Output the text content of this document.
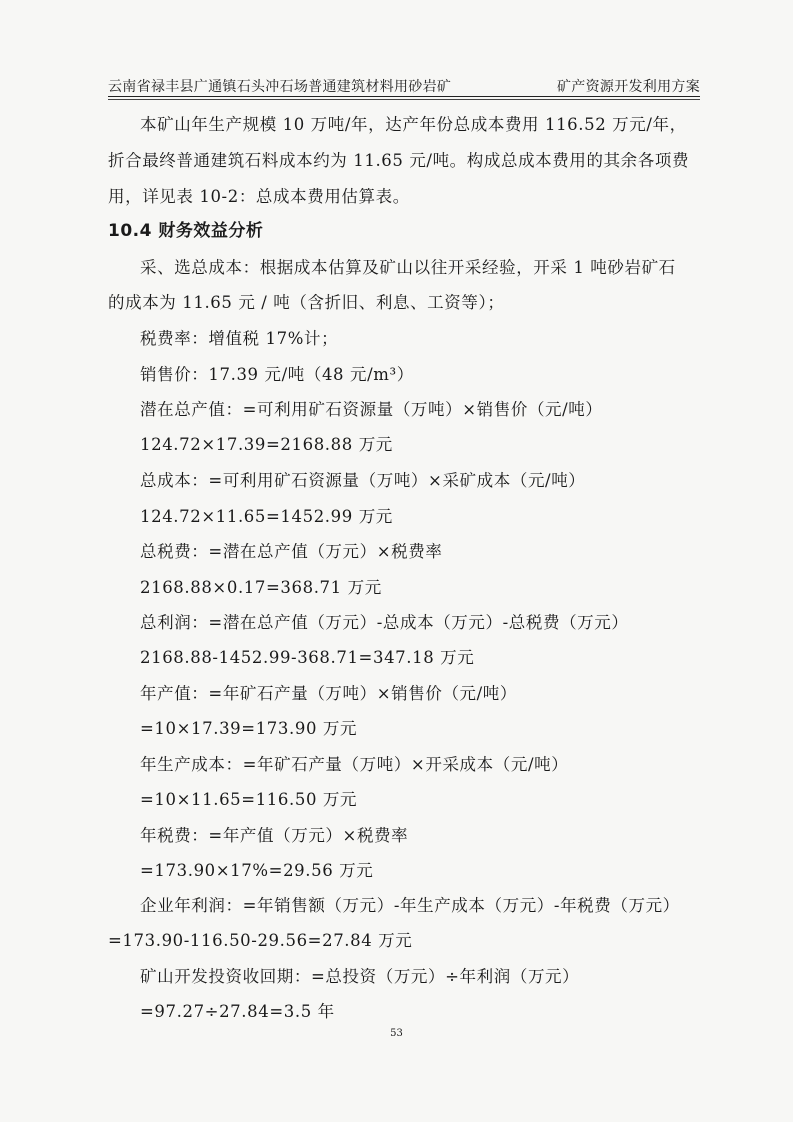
云南省禄丰县广通镇石头冲石场普通建筑材料用砂岩矿	矿产资源开发利用方案
本矿山年生产规模 10 万吨/年，达产年份总成本费用 116.52 万元/年，
折合最终普通建筑石料成本约为 11.65 元/吨。构成总成本费用的其余各项费
用，详见表 10-2：总成本费用估算表。
10.4 财务效益分析
采、选总成本：根据成本估算及矿山以往开采经验，开采 1 吨砂岩矿石
的成本为 11.65 元 / 吨（含折旧、利息、工资等）；
税费率：增值税 17%计；
销售价：17.39 元/吨（48 元/m³）
潜在总产值：=可利用矿石资源量（万吨）×销售价（元/吨）
124.72×17.39=2168.88 万元
总成本：=可利用矿石资源量（万吨）×采矿成本（元/吨）
124.72×11.65=1452.99 万元
总税费：=潜在总产值（万元）×税费率
2168.88×0.17=368.71 万元
总利润：=潜在总产值（万元）-总成本（万元）-总税费（万元）
2168.88-1452.99-368.71=347.18 万元
年产值：=年矿石产量（万吨）×销售价（元/吨）
=10×17.39=173.90 万元
年生产成本：=年矿石产量（万吨）×开采成本（元/吨）
=10×11.65=116.50 万元
年税费：=年产值（万元）×税费率
=173.90×17%=29.56 万元
企业年利润：=年销售额（万元）-年生产成本（万元）-年税费（万元）
=173.90-116.50-29.56=27.84 万元
矿山开发投资收回期：=总投资（万元）÷年利润（万元）
=97.27÷27.84=3.5 年
53
